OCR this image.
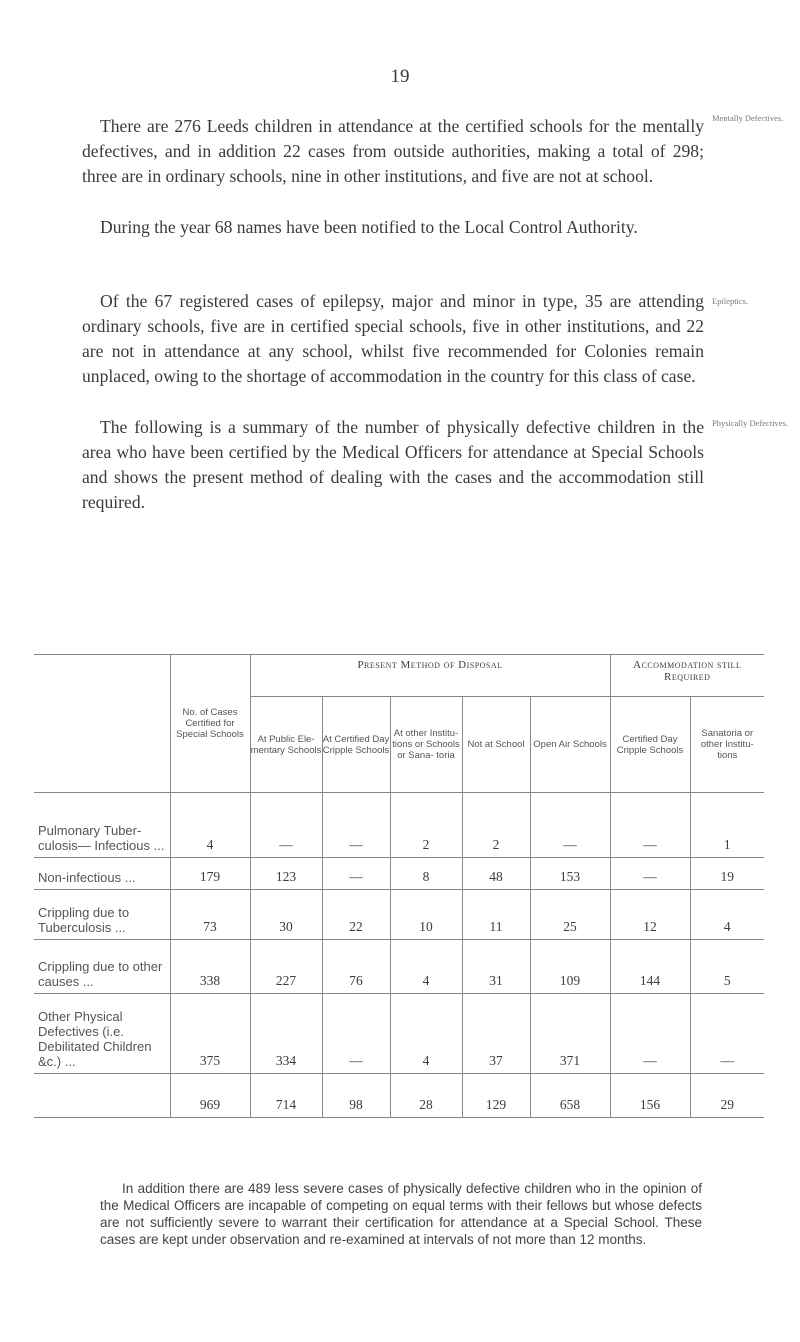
19

There are 276 Leeds children in attendance at the certified schools for the mentally defectives, and in addition 22 cases from outside authorities, making a total of 298; three are in ordinary schools, nine in other institutions, and five are not at school.

During the year 68 names have been notified to the Local Control Authority.

Of the 67 registered cases of epilepsy, major and minor in type, 35 are attending ordinary schools, five are in certified special schools, five in other institutions, and 22 are not in attendance at any school, whilst five recommended for Colonies remain unplaced, owing to the shortage of accommodation in the country for this class of case.

The following is a summary of the number of physically defective children in the area who have been certified by the Medical Officers for attendance at Special Schools and shows the present method of dealing with the cases and the accommodation still required.

Mentally Defectives.
Epileptics.
Physically Defectives.
	No. of Cases Certified for Special Schools	Present Method of Disposal					Accommodation still Required	
		At Public Ele- mentary Schools	At Certified Day Cripple Schools	At other Institu- tions or Schools or Sana- toria	Not at School	Open Air Schools	Certified Day Cripple Schools	Sanatoria or other Institu- tions
Pulmonary Tuber- culosis— Infectious ...	4	—	—	2	2	—	—	1
Non-infectious ...	179	123	—	8	48	153	—	19
Crippling due to Tuberculosis ...	73	30	22	10	11	25	12	4
Crippling due to other causes ...	338	227	76	4	31	109	144	5
Other Physical Defectives (i.e. Debilitated Children &c.) ...	375	334	—	4	37	371	—	—
	969	714	98	28	129	658	156	29

In addition there are 489 less severe cases of physically defective children who in the opinion of the Medical Officers are incapable of competing on equal terms with their fellows but whose defects are not sufficiently severe to warrant their certification for attendance at a Special School. These cases are kept under observation and re-examined at intervals of not more than 12 months.
